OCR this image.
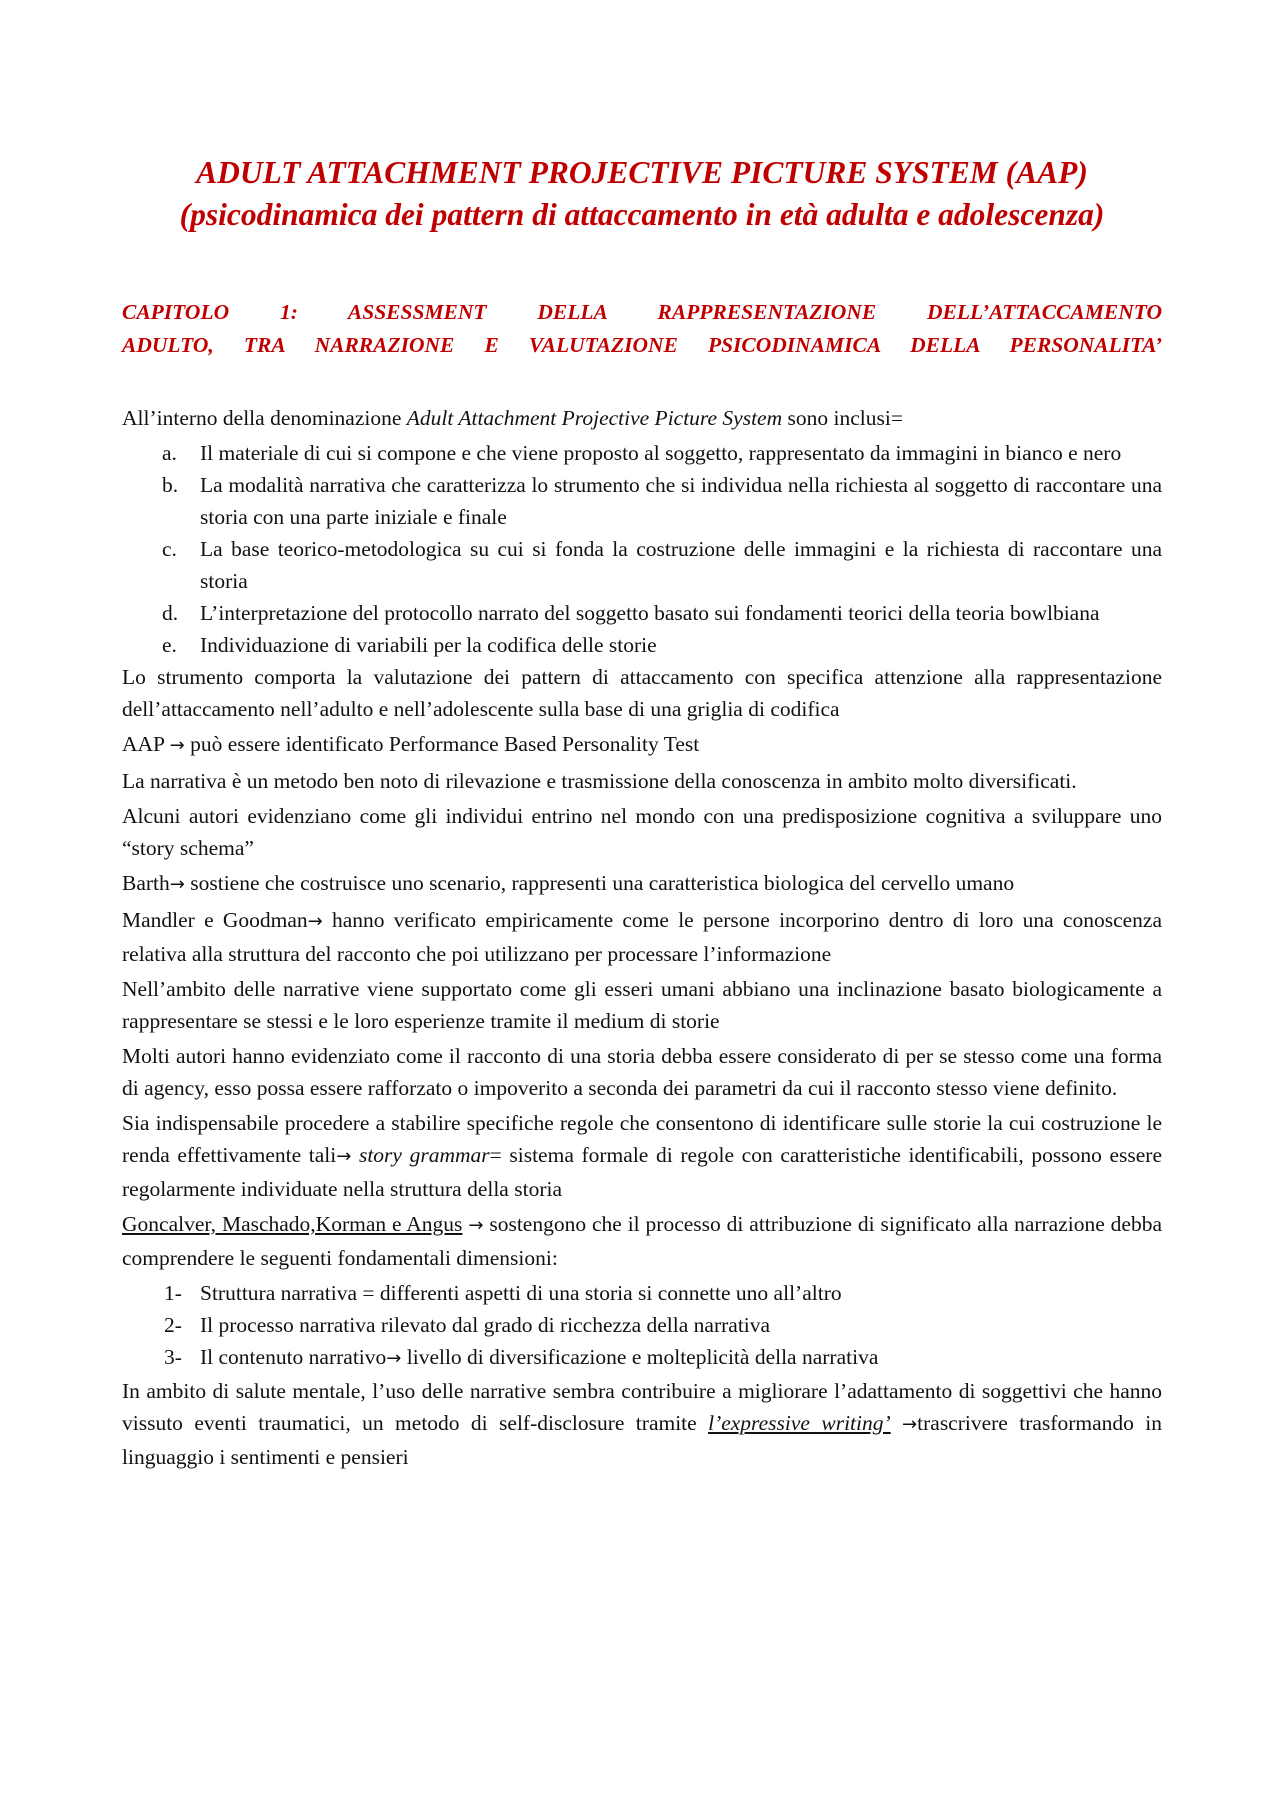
ADULT ATTACHMENT PROJECTIVE PICTURE SYSTEM (AAP)
(psicodinamica dei pattern di attaccamento in età adulta e adolescenza)
CAPITOLO 1: ASSESSMENT DELLA RAPPRESENTAZIONE DELL’ATTACCAMENTO
ADULTO, TRA NARRAZIONE E VALUTAZIONE PSICODINAMICA DELLA PERSONALITA’

All’interno della denominazione Adult Attachment Projective Picture System sono inclusi=

a. Il materiale di cui si compone e che viene proposto al soggetto, rappresentato da immagini in bianco e nero
b. La modalità narrativa che caratterizza lo strumento che si individua nella richiesta al soggetto di raccontare una storia con una parte iniziale e finale
c. La base teorico-metodologica su cui si fonda la costruzione delle immagini e la richiesta di raccontare una storia
d. L’interpretazione del protocollo narrato del soggetto basato sui fondamenti teorici della teoria bowlbiana
e. Individuazione di variabili per la codifica delle storie

Lo strumento comporta la valutazione dei pattern di attaccamento con specifica attenzione alla rappresentazione dell’attaccamento nell’adulto e nell’adolescente sulla base di una griglia di codifica

AAP → può essere identificato Performance Based Personality Test

La narrativa è un metodo ben noto di rilevazione e trasmissione della conoscenza in ambito molto diversificati.

Alcuni autori evidenziano come gli individui entrino nel mondo con una predisposizione cognitiva a sviluppare uno “story schema”

Barth→ sostiene che costruisce uno scenario, rappresenti una caratteristica biologica del cervello umano

Mandler e Goodman→ hanno verificato empiricamente come le persone incorporino dentro di loro una conoscenza relativa alla struttura del racconto che poi utilizzano per processare l’informazione

Nell’ambito delle narrative viene supportato come gli esseri umani abbiano una inclinazione basato biologicamente a rappresentare se stessi e le loro esperienze tramite il medium di storie

Molti autori hanno evidenziato come il racconto di una storia debba essere considerato di per se stesso come una forma di agency, esso possa essere rafforzato o impoverito a seconda dei parametri da cui il racconto stesso viene definito.

Sia indispensabile procedere a stabilire specifiche regole che consentono di identificare sulle storie la cui costruzione le renda effettivamente tali→ story grammar= sistema formale di regole con caratteristiche identificabili, possono essere regolarmente individuate nella struttura della storia

Goncalver, Maschado,Korman e Angus → sostengono che il processo di attribuzione di significato alla narrazione debba comprendere le seguenti fondamentali dimensioni:

1- Struttura narrativa = differenti aspetti di una storia si connette uno all’altro
2- Il processo narrativa rilevato dal grado di ricchezza della narrativa
3- Il contenuto narrativo→ livello di diversificazione e molteplicità della narrativa

In ambito di salute mentale, l’uso delle narrative sembra contribuire a migliorare l’adattamento di soggettivi che hanno vissuto eventi traumatici, un metodo di self-disclosure tramite l’expressive writing’ →trascrivere trasformando in linguaggio i sentimenti e pensieri
